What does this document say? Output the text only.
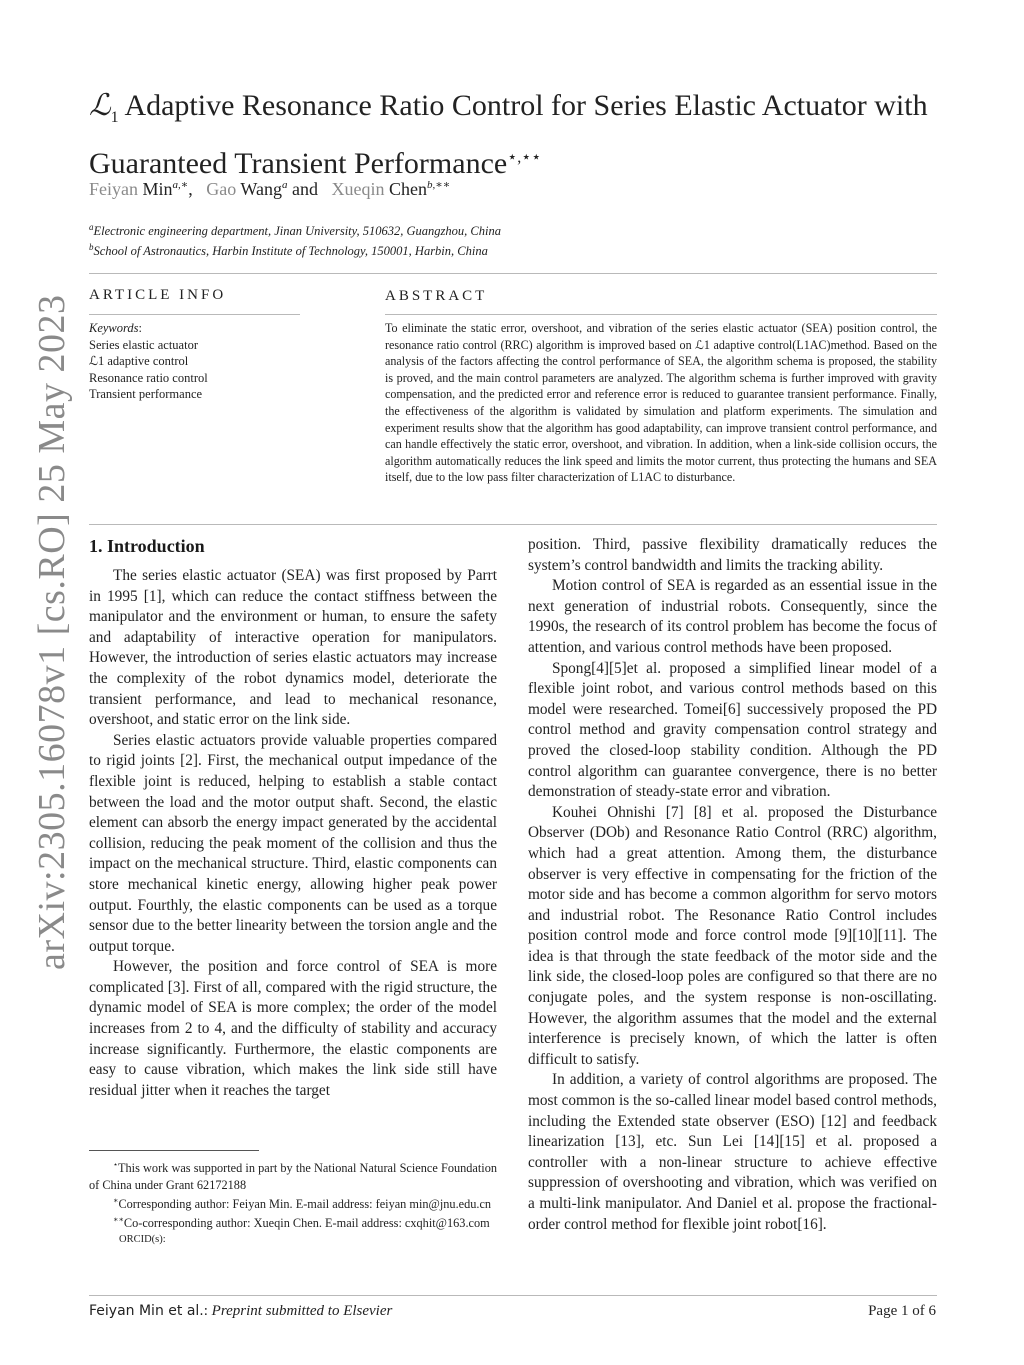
arXiv:2305.16078v1 [cs.RO] 25 May 2023
ℒ$_1$ Adaptive Resonance Ratio Control for Series Elastic Actuator with
Guaranteed Transient Performance⋆,⋆⋆
Feiyan Min$^{a,∗}$,   Gao Wang$^a$ and   Xueqin Chen$^{b,∗∗}$
$^a$Electronic engineering department, Jinan University, 510632, Guangzhou, China
$^b$School of Astronautics, Harbin Institute of Technology, 150001, Harbin, China
ARTICLE INFO
Keywords:
Series elastic actuator
ℒ1 adaptive control
Resonance ratio control
Transient performance
ABSTRACT
To eliminate the static error, overshoot, and vibration of the series elastic actuator (SEA) position control, the resonance ratio control (RRC) algorithm is improved based on ℒ1 adaptive control(L1AC)method. Based on the analysis of the factors affecting the control performance of SEA, the algorithm schema is proposed, the stability is proved, and the main control parameters are analyzed. The algorithm schema is further improved with gravity compensation, and the predicted error and reference error is reduced to guarantee transient performance. Finally, the effectiveness of the algorithm is validated by simulation and platform experiments. The simulation and experiment results show that the algorithm has good adaptability, can improve transient control performance, and can handle effectively the static error, overshoot, and vibration. In addition, when a link-side collision occurs, the algorithm automatically reduces the link speed and limits the motor current, thus protecting the humans and SEA itself, due to the low pass filter characterization of L1AC to disturbance.
1. Introduction

The series elastic actuator (SEA) was first proposed by Parrt in 1995 [1], which can reduce the contact stiffness between the manipulator and the environment or human, to ensure the safety and adaptability of interactive operation for manipulators. However, the introduction of series elastic actuators may increase the complexity of the robot dynamics model, deteriorate the transient performance, and lead to mechanical resonance, overshoot, and static error on the link side.

Series elastic actuators provide valuable properties compared to rigid joints [2]. First, the mechanical output impedance of the flexible joint is reduced, helping to establish a stable contact between the load and the motor output shaft. Second, the elastic element can absorb the energy impact generated by the accidental collision, reducing the peak moment of the collision and thus the impact on the mechanical structure. Third, elastic components can store mechanical kinetic energy, allowing higher peak power output. Fourthly, the elastic components can be used as a torque sensor due to the better linearity between the torsion angle and the output torque.

However, the position and force control of SEA is more complicated [3]. First of all, compared with the rigid structure, the dynamic model of SEA is more complex; the order of the model increases from 2 to 4, and the difficulty of stability and accuracy increase significantly. Furthermore, the elastic components are easy to cause vibration, which makes the link side still have residual jitter when it reaches the target

⋆This work was supported in part by the National Natural Science Foundation of China under Grant 62172188

∗Corresponding author: Feiyan Min. E-mail address: feiyan min@jnu.edu.cn

∗∗Co-corresponding author: Xueqin Chen. E-mail address: cxqhit@163.com

ORCID(s):

position. Third, passive flexibility dramatically reduces the system’s control bandwidth and limits the tracking ability.

Motion control of SEA is regarded as an essential issue in the next generation of industrial robots. Consequently, since the 1990s, the research of its control problem has become the focus of attention, and various control methods have been proposed.

Spong[4][5]et al. proposed a simplified linear model of a flexible joint robot, and various control methods based on this model were researched. Tomei[6] successively proposed the PD control method and gravity compensation control strategy and proved the closed-loop stability condition. Although the PD control algorithm can guarantee convergence, there is no better demonstration of steady-state error and vibration.

Kouhei Ohnishi [7] [8] et al. proposed the Disturbance Observer (DOb) and Resonance Ratio Control (RRC) algorithm, which had a great attention. Among them, the disturbance observer is very effective in compensating for the friction of the motor side and has become a common algorithm for servo motors and industrial robot. The Resonance Ratio Control includes position control mode and force control mode [9][10][11]. The idea is that through the state feedback of the motor side and the link side, the closed-loop poles are configured so that there are no conjugate poles, and the system response is non-oscillating. However, the algorithm assumes that the model and the external interference is precisely known, of which the latter is often difficult to satisfy.

In addition, a variety of control algorithms are proposed. The most common is the so-called linear model based control methods, including the Extended state observer (ESO) [12] and feedback linearization [13], etc. Sun Lei [14][15] et al. proposed a controller with a non-linear structure to achieve effective suppression of overshooting and vibration, which was verified on a multi-link manipulator. And Daniel et al. propose the fractional-order control method for flexible joint robot[16].

Feiyan Min et al.: Preprint submitted to Elsevier	Page 1 of 6
